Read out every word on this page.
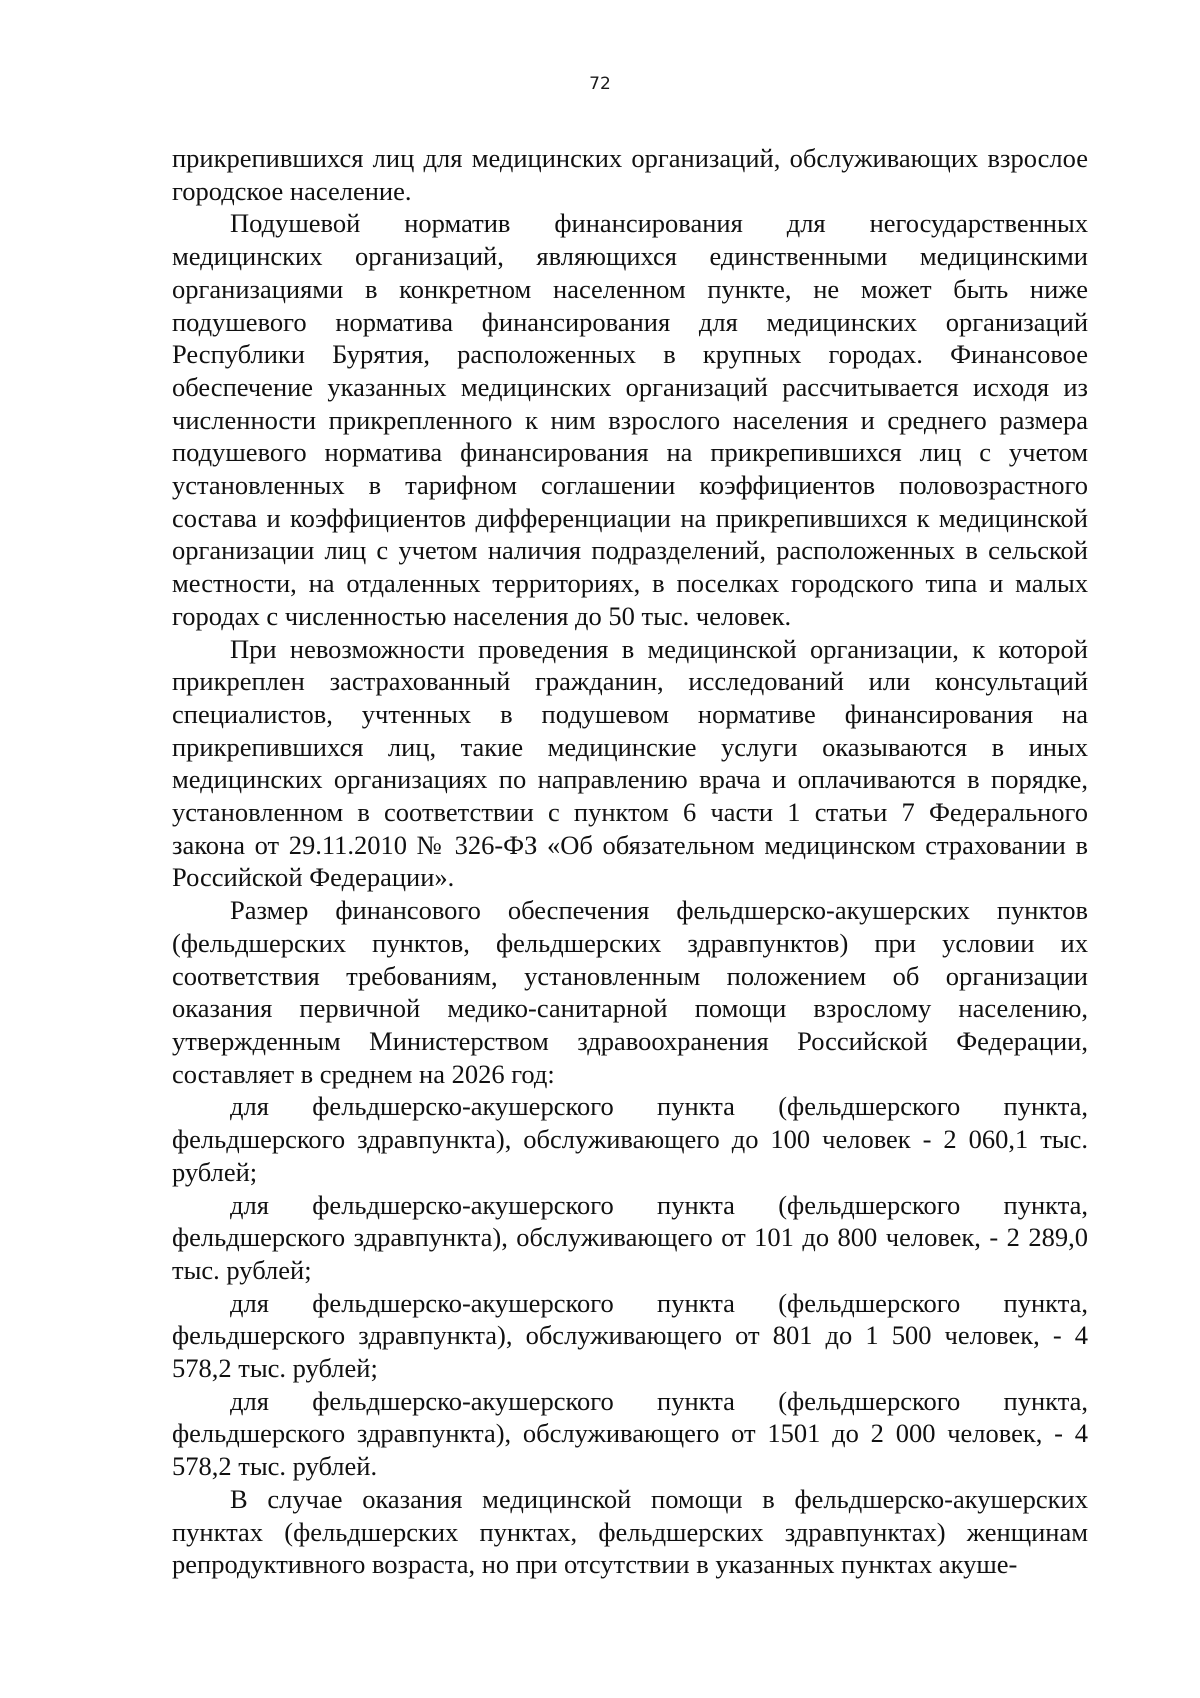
72

прикрепившихся лиц для медицинских организаций, обслуживающих взрослое городское население.

Подушевой норматив финансирования для негосударственных медицинских организаций, являющихся единственными медицинскими организациями в конкретном населенном пункте, не может быть ниже подушевого норматива финансирования для медицинских организаций Республики Бурятия, расположенных в крупных городах. Финансовое обеспечение указанных медицинских организаций рассчитывается исходя из численности прикрепленного к ним взрослого населения и среднего размера подушевого норматива финансирования на прикрепившихся лиц с учетом установленных в тарифном соглашении коэффициентов половозрастного состава и коэффициентов дифференциации на прикрепившихся к медицинской организации лиц с учетом наличия подразделений, расположенных в сельской местности, на отдаленных территориях, в поселках городского типа и малых городах с численностью населения до 50 тыс. человек.

При невозможности проведения в медицинской организации, к которой прикреплен застрахованный гражданин, исследований или консультаций специалистов, учтенных в подушевом нормативе финансирования на прикрепившихся лиц, такие медицинские услуги оказываются в иных медицинских организациях по направлению врача и оплачиваются в порядке, установленном в соответствии с пунктом 6 части 1 статьи 7 Федерального закона от 29.11.2010 № 326-ФЗ «Об обязательном медицинском страховании в Российской Федерации».

Размер финансового обеспечения фельдшерско-акушерских пунктов (фельдшерских пунктов, фельдшерских здравпунктов) при условии их соответствия требованиям, установленным положением об организации оказания первичной медико-санитарной помощи взрослому населению, утвержденным Министерством здравоохранения Российской Федерации, составляет в среднем на 2026 год:

для фельдшерско-акушерского пункта (фельдшерского пункта, фельдшерского здравпункта), обслуживающего до 100 человек - 2 060,1 тыс. рублей;

для фельдшерско-акушерского пункта (фельдшерского пункта, фельдшерского здравпункта), обслуживающего от 101 до 800 человек, - 2 289,0 тыс. рублей;

для фельдшерско-акушерского пункта (фельдшерского пункта, фельдшерского здравпункта), обслуживающего от 801 до 1 500 человек, - 4 578,2 тыс. рублей;

для фельдшерско-акушерского пункта (фельдшерского пункта, фельдшерского здравпункта), обслуживающего от 1501 до 2 000 человек, - 4 578,2 тыс. рублей.

В случае оказания медицинской помощи в фельдшерско-акушерских пунктах (фельдшерских пунктах, фельдшерских здравпунктах) женщинам репродуктивного возраста, но при отсутствии в указанных пунктах акуше-
